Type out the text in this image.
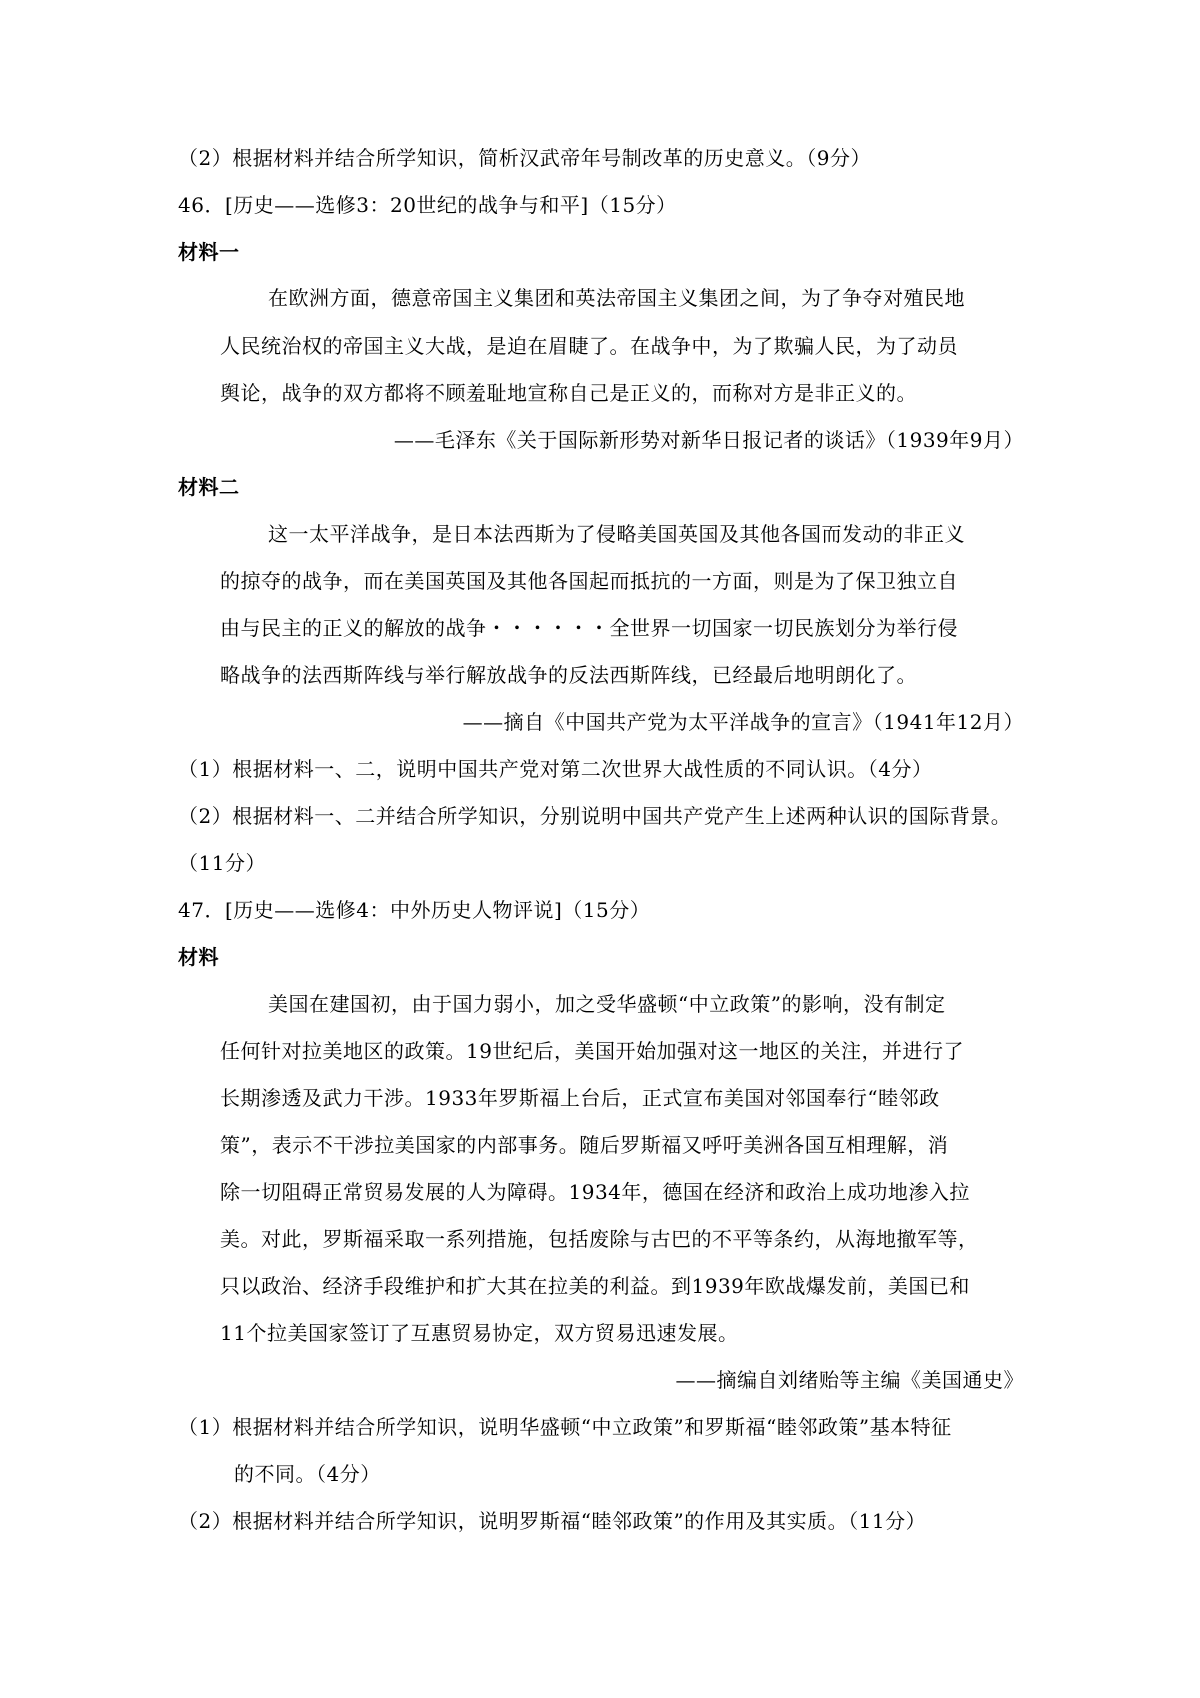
（2）根据材料并结合所学知识，简析汉武帝年号制改革的历史意义。（9分）
46．[历史——选修3：20世纪的战争与和平]（15分）
材料一
在欧洲方面，德意帝国主义集团和英法帝国主义集团之间，为了争夺对殖民地
人民统治权的帝国主义大战，是迫在眉睫了。在战争中，为了欺骗人民，为了动员
舆论，战争的双方都将不顾羞耻地宣称自己是正义的，而称对方是非正义的。
——毛泽东《关于国际新形势对新华日报记者的谈话》（1939年9月）
材料二
这一太平洋战争，是日本法西斯为了侵略美国英国及其他各国而发动的非正义
的掠夺的战争，而在美国英国及其他各国起而抵抗的一方面，则是为了保卫独立自
由与民主的正义的解放的战争・・・・・・全世界一切国家一切民族划分为举行侵
略战争的法西斯阵线与举行解放战争的反法西斯阵线，已经最后地明朗化了。
——摘自《中国共产党为太平洋战争的宣言》（1941年12月）
（1）根据材料一、二，说明中国共产党对第二次世界大战性质的不同认识。（4分）
（2）根据材料一、二并结合所学知识，分别说明中国共产党产生上述两种认识的国际背景。
（11分）
47．[历史——选修4：中外历史人物评说]（15分）
材料
美国在建国初，由于国力弱小，加之受华盛顿“中立政策”的影响，没有制定
任何针对拉美地区的政策。19世纪后，美国开始加强对这一地区的关注，并进行了
长期渗透及武力干涉。1933年罗斯福上台后，正式宣布美国对邻国奉行“睦邻政
策”，表示不干涉拉美国家的内部事务。随后罗斯福又呼吁美洲各国互相理解，消
除一切阻碍正常贸易发展的人为障碍。1934年，德国在经济和政治上成功地渗入拉
美。对此，罗斯福采取一系列措施，包括废除与古巴的不平等条约，从海地撤军等，
只以政治、经济手段维护和扩大其在拉美的利益。到1939年欧战爆发前，美国已和
11个拉美国家签订了互惠贸易协定，双方贸易迅速发展。
——摘编自刘绪贻等主编《美国通史》
（1）根据材料并结合所学知识，说明华盛顿“中立政策”和罗斯福“睦邻政策”基本特征
的不同。（4分）
（2）根据材料并结合所学知识，说明罗斯福“睦邻政策”的作用及其实质。（11分）
